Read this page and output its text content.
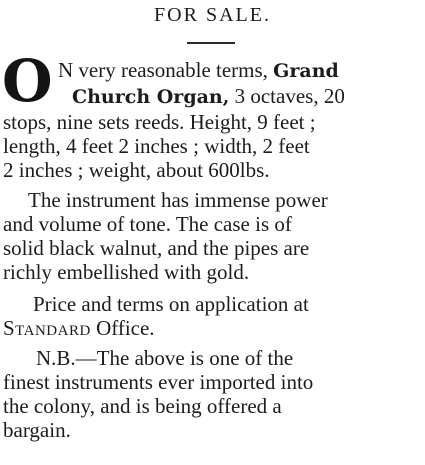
FOR SALE.
O N very reasonable terms, Grand
Church Organ, 3 octaves, 20
stops, nine sets reeds. Height, 9 feet ;
length, 4 feet 2 inches ; width, 2 feet
2 inches ; weight, about 600lbs.
The instrument has immense power
and volume of tone. The case is of
solid black walnut, and the pipes are
richly embellished with gold.
Price and terms on application at
Standard Office.
N.B.—The above is one of the
finest instruments ever imported into
the colony, and is being offered a
bargain.
